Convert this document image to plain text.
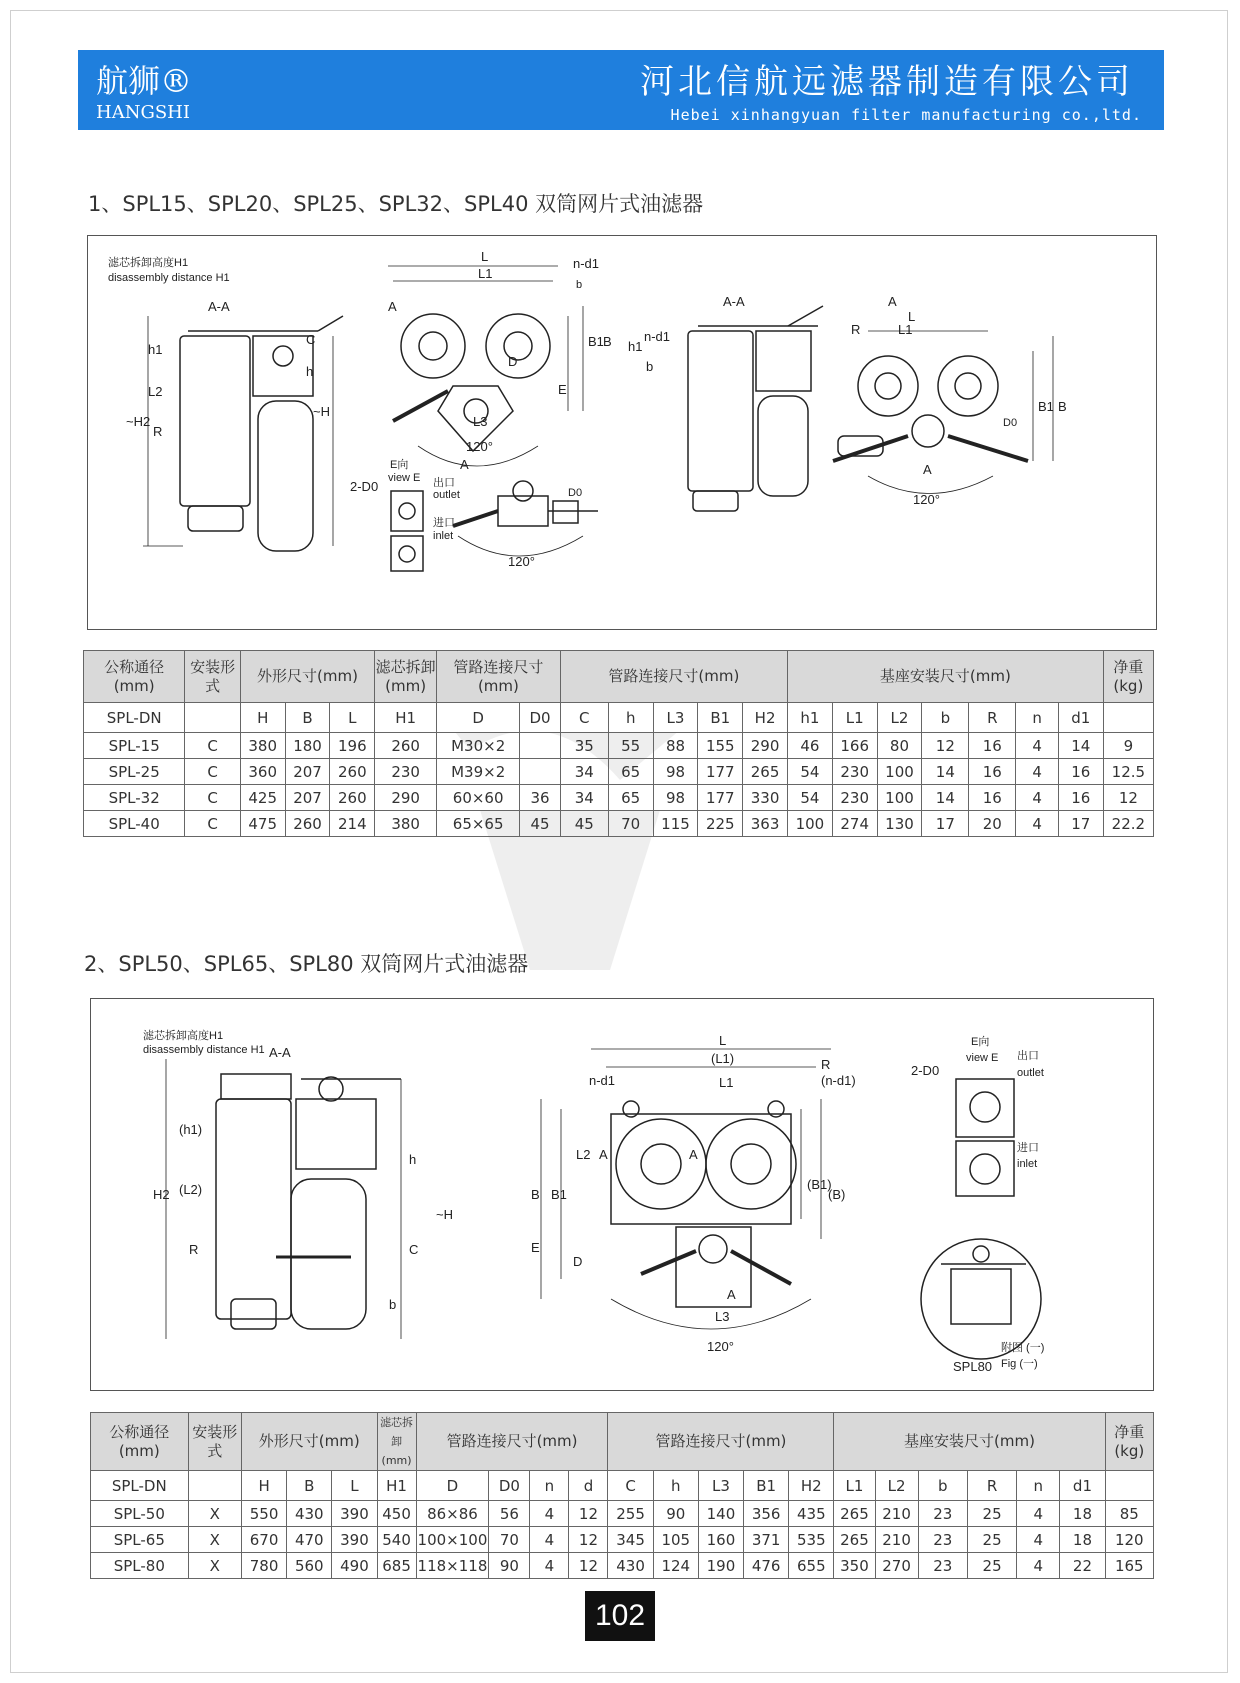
航狮®
HANGSHI
河北信航远滤器制造有限公司
Hebei xinhangyuan filter manufacturing co.,ltd.
1、SPL15、SPL20、SPL25、SPL32、SPL40 双筒网片式油滤器
A-A
L
L1
n-d1
b
A
B1 B
D
E
L3
120°
h1
L2
~H2
R
h
C
~H
2-D0
E向
view E 出口
outlet
进口
inlet
D0
A
120°
A-A
n-d1
h1
b
A
L
L1
R
B1 B
D0
A
120°
滤芯拆卸高度H1
disassembly distance H1
公称通径(mm)	安装形式	外形尺寸(mm)			滤芯拆卸(mm)	管路连接尺寸(mm)		管路连接尺寸(mm)					基座安装尺寸(mm)							净重(kg)
SPL-DN		H	B	L	H1	D	D0	C	h	L3	B1	H2	h1	L1	L2	b	R	n	d1	
SPL-15	C	380	180	196	260	M30×2		35	55	88	155	290	46	166	80	12	16	4	14	9
SPL-25	C	360	207	260	230	M39×2		34	65	98	177	265	54	230	100	14	16	4	16	12.5
SPL-32	C	425	207	260	290	60×60	36	34	65	98	177	330	54	230	100	14	16	4	16	12
SPL-40	C	475	260	214	380	65×65	45	45	70	115	225	363	100	274	130	17	20	4	17	22.2
2、SPL50、SPL65、SPL80 双筒网片式油滤器
A-A
(h1)
(L2)
H2
R
h
~H
C
b
L
(L1)
L1
R
(n-d1)
n-d1
L2 A	A
B B1
(B1)
(B)
E
D
A
L3
120°
2-D0
E向
view E 出口
outlet
进口
inlet
附图 (一)
Fig (一)
SPL80
滤芯拆卸高度H1
disassembly distance H1
公称通径(mm)	安装形式	外形尺寸(mm)			滤芯拆卸(mm)	管路连接尺寸(mm)				管路连接尺寸(mm)					基座安装尺寸(mm)						净重(kg)
SPL-DN		H	B	L	H1	D	D0	n	d	C	h	L3	B1	H2	L1	L2	b	R	n	d1	
SPL-50	X	550	430	390	450	86×86	56	4	12	255	90	140	356	435	265	210	23	25	4	18	85
SPL-65	X	670	470	390	540	100×100	70	4	12	345	105	160	371	535	265	210	23	25	4	18	120
SPL-80	X	780	560	490	685	118×118	90	4	12	430	124	190	476	655	350	270	23	25	4	22	165
102
